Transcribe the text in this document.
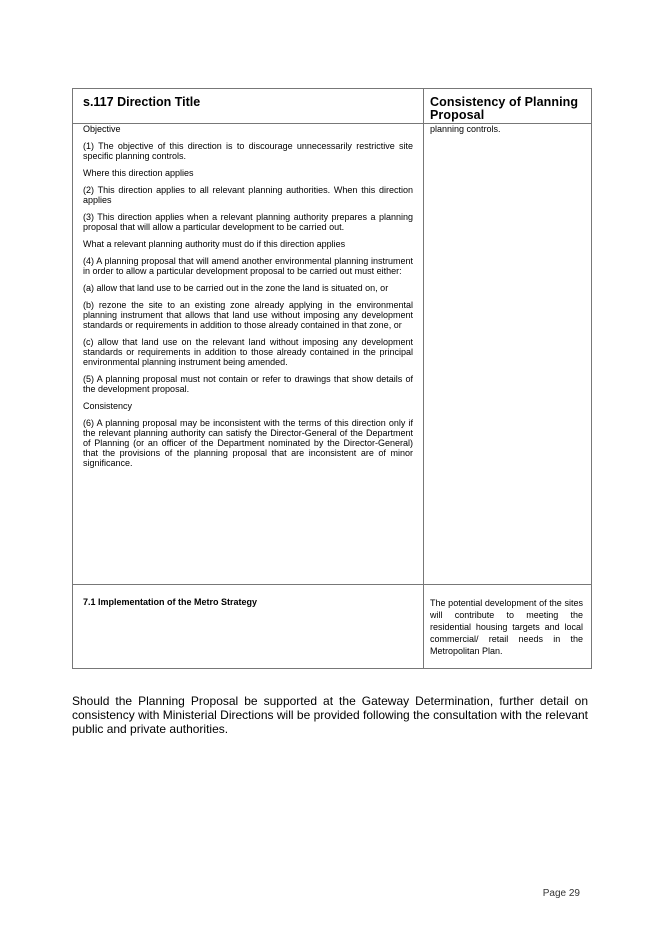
s.117 Direction Title	Consistency of Planning Proposal

Objective

(1) The objective of this direction is to discourage unnecessarily restrictive site specific planning controls.

Where this direction applies

(2) This direction applies to all relevant planning authorities. When this direction applies

(3) This direction applies when a relevant planning authority prepares a planning proposal that will allow a particular development to be carried out.

What a relevant planning authority must do if this direction applies

(4) A planning proposal that will amend another environmental planning instrument in order to allow a particular development proposal to be carried out must either:

(a) allow that land use to be carried out in the zone the land is situated on, or

(b) rezone the site to an existing zone already applying in the environmental planning instrument that allows that land use without imposing any development standards or requirements in addition to those already contained in that zone, or

(c) allow that land use on the relevant land without imposing any development standards or requirements in addition to those already contained in the principal environmental planning instrument being amended.

(5) A planning proposal must not contain or refer to drawings that show details of the development proposal.

Consistency

(6) A planning proposal may be inconsistent with the terms of this direction only if the relevant planning authority can satisfy the Director-General of the Department of Planning (or an officer of the Department nominated by the Director-General) that the provisions of the planning proposal that are inconsistent are of minor significance.

planning controls.

7.1 Implementation of the Metro Strategy	The potential development of the sites will contribute to meeting the residential housing targets and local commercial/ retail needs in the Metropolitan Plan.

Should the Planning Proposal be supported at the Gateway Determination, further detail on consistency with Ministerial Directions will be provided following the consultation with the relevant public and private authorities.

Page 29
